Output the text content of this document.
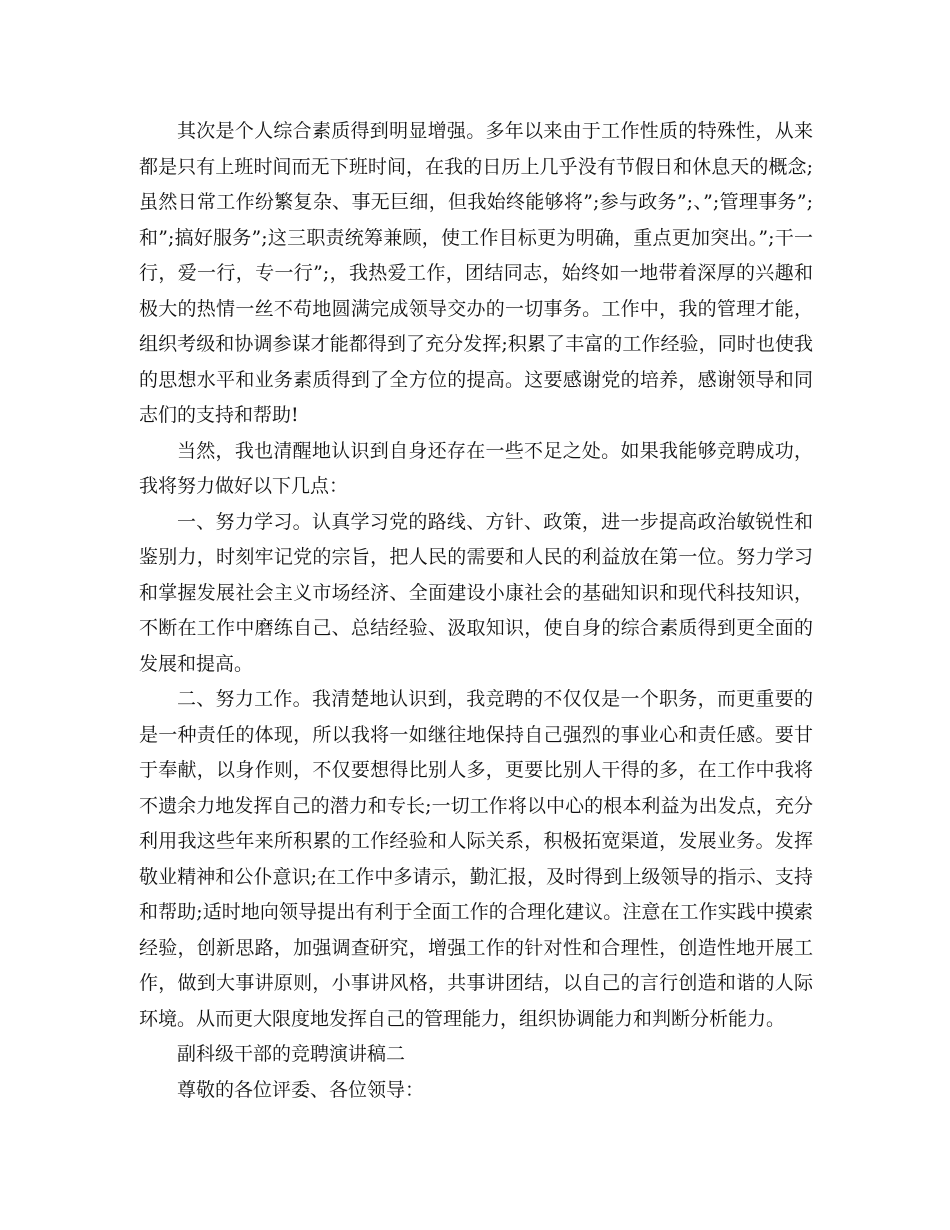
其次是个人综合素质得到明显增强。多年以来由于工作性质的特殊性，从来都是只有上班时间而无下班时间，在我的日历上几乎没有节假日和休息天的概念;虽然日常工作纷繁复杂、事无巨细，但我始终能够将”;参与政务”;、”;管理事务”;和”;搞好服务”;这三职责统筹兼顾，使工作目标更为明确，重点更加突出。”;干一行，爱一行，专一行”;，我热爱工作，团结同志，始终如一地带着深厚的兴趣和极大的热情一丝不苟地圆满完成领导交办的一切事务。工作中，我的管理才能，组织考级和协调参谋才能都得到了充分发挥;积累了丰富的工作经验，同时也使我的思想水平和业务素质得到了全方位的提高。这要感谢党的培养，感谢领导和同志们的支持和帮助!

当然，我也清醒地认识到自身还存在一些不足之处。如果我能够竞聘成功，我将努力做好以下几点：

一、努力学习。认真学习党的路线、方针、政策，进一步提高政治敏锐性和鉴别力，时刻牢记党的宗旨，把人民的需要和人民的利益放在第一位。努力学习和掌握发展社会主义市场经济、全面建设小康社会的基础知识和现代科技知识，不断在工作中磨练自己、总结经验、汲取知识，使自身的综合素质得到更全面的发展和提高。

二、努力工作。我清楚地认识到，我竞聘的不仅仅是一个职务，而更重要的是一种责任的体现，所以我将一如继往地保持自己强烈的事业心和责任感。要甘于奉献，以身作则，不仅要想得比别人多，更要比别人干得的多，在工作中我将不遗余力地发挥自己的潜力和专长;一切工作将以中心的根本利益为出发点，充分利用我这些年来所积累的工作经验和人际关系，积极拓宽渠道，发展业务。发挥敬业精神和公仆意识;在工作中多请示，勤汇报，及时得到上级领导的指示、支持和帮助;适时地向领导提出有利于全面工作的合理化建议。注意在工作实践中摸索经验，创新思路，加强调查研究，增强工作的针对性和合理性，创造性地开展工作，做到大事讲原则，小事讲风格，共事讲团结，以自己的言行创造和谐的人际环境。从而更大限度地发挥自己的管理能力，组织协调能力和判断分析能力。

副科级干部的竞聘演讲稿二

尊敬的各位评委、各位领导：
